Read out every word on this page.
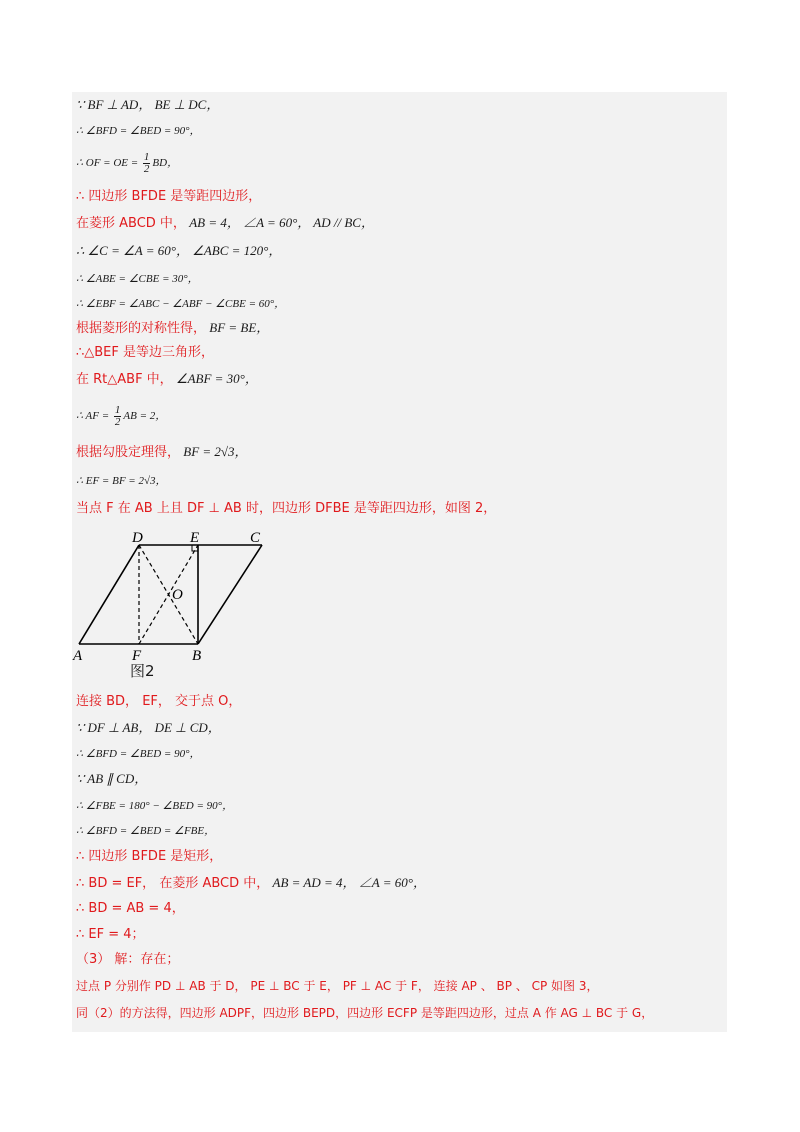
∵ BF ⊥ AD， BE ⊥ DC，
∴ ∠BFD = ∠BED = 90°，
∴ OF = OE = $\frac{1}{2}$ BD，
∴ 四边形 BFDE 是等距四边形，
在菱形 ABCD 中， AB = 4， ∠A = 60°， AD // BC，
∴ ∠C = ∠A = 60°， ∠ABC = 120°，
∴ ∠ABE = ∠CBE = 30°，
∴ ∠EBF = ∠ABC − ∠ABF − ∠CBE = 60°，
根据菱形的对称性得， BF = BE，
∴△BEF 是等边三角形，
在 Rt△ABF 中， ∠ABF = 30°，
∴ AF = $\frac{1}{2}$ AB = 2，
根据勾股定理得， BF = 2√3，
∴ EF = BF = 2√3，
当点 F 在 AB 上且 DF ⊥ AB 时，四边形 DFBE 是等距四边形，如图 2，
D	E	C
O
A	F	B
图2
连接 BD， EF， 交于点 O，
∵ DF ⊥ AB， DE ⊥ CD，
∴ ∠BFD = ∠BED = 90°，
∵ AB ∥ CD，
∴ ∠FBE = 180° − ∠BED = 90°，
∴ ∠BFD = ∠BED = ∠FBE，
∴ 四边形 BFDE 是矩形，
∴ BD = EF， 在菱形 ABCD 中， AB = AD = 4， ∠A = 60°，
∴ BD = AB = 4，
∴ EF = 4；
（3） 解：存在；
过点 P 分别作 PD ⊥ AB 于 D， PE ⊥ BC 于 E， PF ⊥ AC 于 F， 连接 AP 、 BP 、 CP 如图 3，
同（2）的方法得，四边形 ADPF，四边形 BEPD，四边形 ECFP 是等距四边形，过点 A 作 AG ⊥ BC 于 G，
